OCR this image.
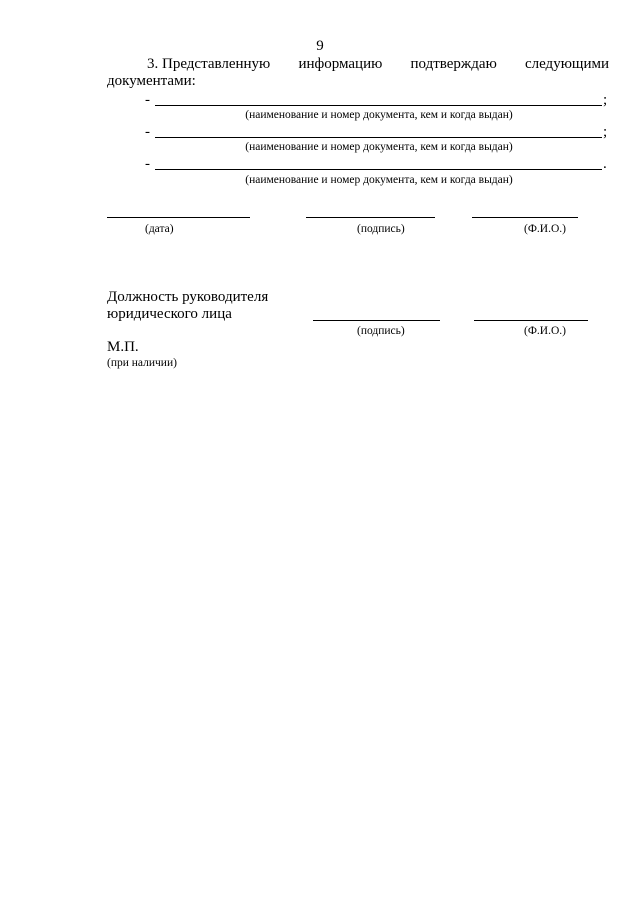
9
3. Представленную информацию подтверждаю следующими
документами:
-	;
(наименование и номер документа, кем и когда выдан)
-	;
(наименование и номер документа, кем и когда выдан)
-	.
(наименование и номер документа, кем и когда выдан)
(дата)	(подпись)	(Ф.И.О.)
Должность руководителя
юридического лица
(подпись)	(Ф.И.О.)
М.П.
(при наличии)
